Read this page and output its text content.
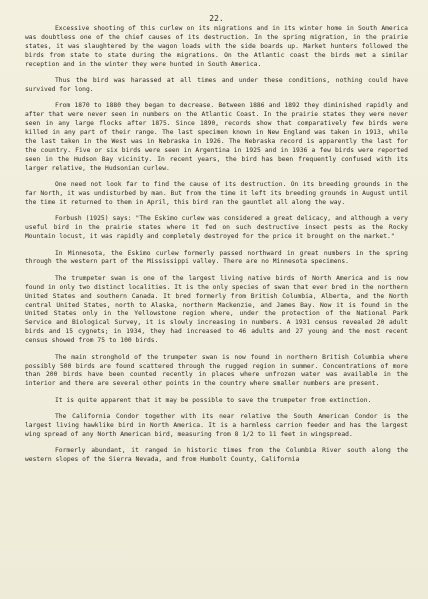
22.

Excessive shooting of this curlew on its migrations and in its winter home in South America was doubtless one of the chief causes of its destruction. In the spring migration, in the prairie states, it was slaughtered by the wagon loads with the side boards up. Market hunters followed the birds from state to state during the migrations. On the Atlantic coast the birds met a similar reception and in the winter they were hunted in South America.

Thus the bird was harassed at all times and under these conditions, nothing could have survived for long.

From 1870 to 1880 they began to decrease. Between 1886 and 1892 they diminished rapidly and after that were never seen in numbers on the Atlantic Coast. In the prairie states they were never seen in any large flocks after 1875. Since 1890, records show that comparatively few birds were killed in any part of their range. The last specimen known in New England was taken in 1913, while the last taken in the West was in Nebraska in 1926. The Nebraska record is apparently the last for the country. Five or six birds were seen in Argentina in 1925 and in 1936 a few birds were reported seen in the Hudson Bay vicinity. In recent years, the bird has been frequently confused with its larger relative, the Hudsonian curlew.

One need not look far to find the cause of its destruction. On its breeding grounds in the far North, it was undisturbed by man. But from the time it left its breeding grounds in August until the time it returned to them in April, this bird ran the gauntlet all along the way.

Forbush (1925) says: "The Eskimo curlew was considered a great delicacy, and although a very useful bird in the prairie states where it fed on such destructive insect pests as the Rocky Mountain locust, it was rapidly and completely destroyed for the price it brought on the market."

In Minnesota, the Eskimo curlew formerly passed northward in great numbers in the spring through the western part of the Mississippi valley. There are no Minnesota specimens.

The trumpeter swan is one of the largest living native birds of North America and is now found in only two distinct localities. It is the only species of swan that ever bred in the northern United States and southern Canada. It bred formerly from British Columbia, Alberta, and the North central United States, north to Alaska, northern Mackenzie, and James Bay. Now it is found in the United States only in the Yellowstone region where, under the protection of the National Park Service and Biological Survey, it is slowly increasing in numbers. A 1931 census revealed 20 adult birds and 15 cygnets; in 1934, they had increased to 46 adults and 27 young and the most recent census showed from 75 to 100 birds.

The main stronghold of the trumpeter swan is now found in northern British Columbia where possibly 500 birds are found scattered through the rugged region in summer. Concentrations of more than 200 birds have been counted recently in places where unfrozen water was available in the interior and there are several other points in the country where smaller numbers are present.

It is quite apparent that it may be possible to save the trumpeter from extinction.

The California Condor together with its near relative the South American Condor is the largest living hawklike bird in North America. It is a harmless carrion feeder and has the largest wing spread of any North American bird, measuring from 8 1/2 to 11 feet in wingspread.

Formerly abundant, it ranged in historic times from the Columbia River south along the western slopes of the Sierra Nevada, and from Humbolt County, California
